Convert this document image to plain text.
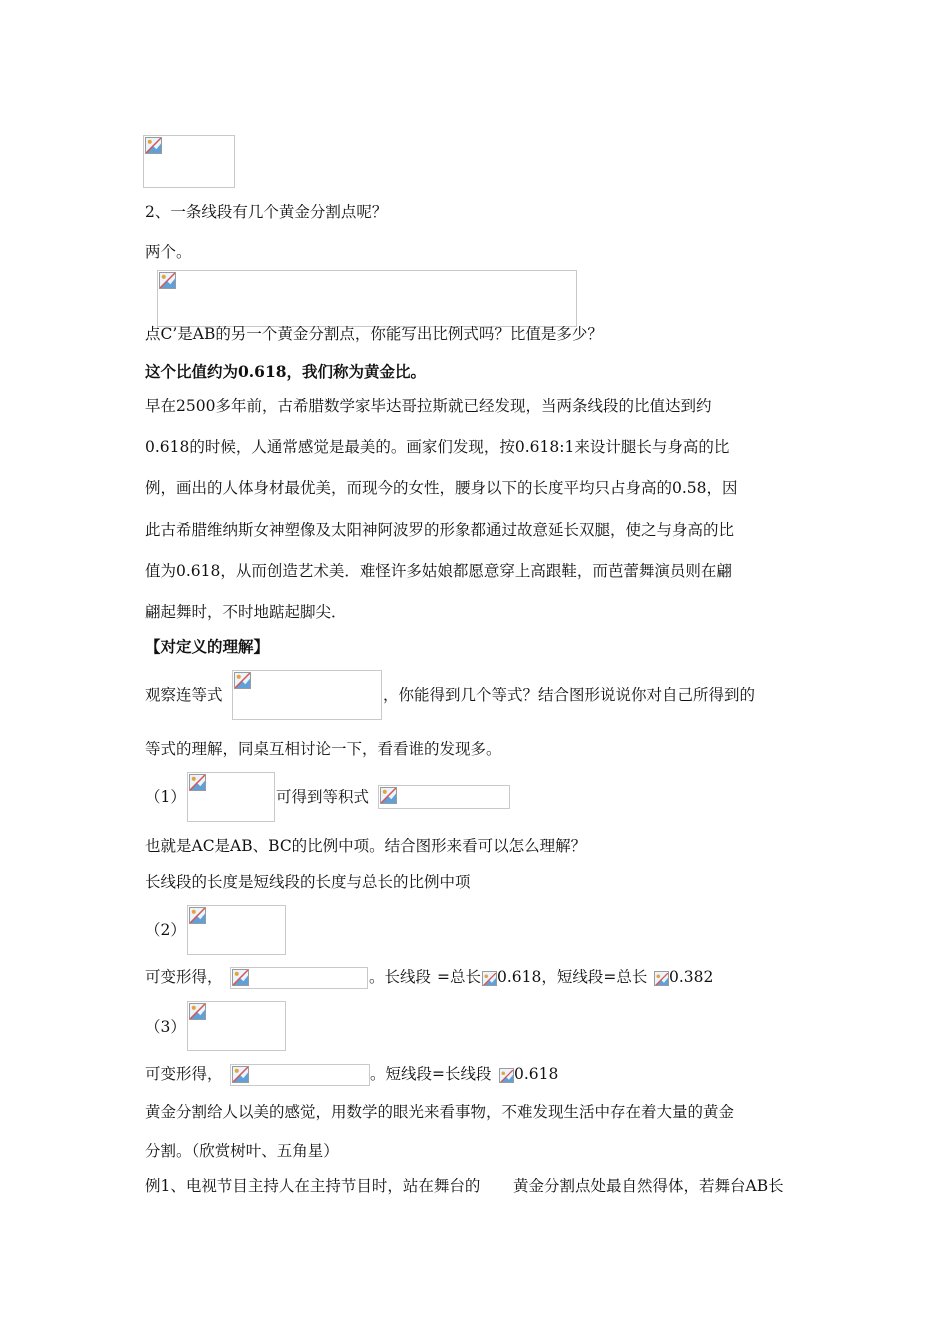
2、一条线段有几个黄金分割点呢？
两个。
点C’是AB的另一个黄金分割点，你能写出比例式吗？比值是多少？
这个比值约为0.618，我们称为黄金比。
早在2500多年前，古希腊数学家毕达哥拉斯就已经发现，当两条线段的比值达到约
0.618的时候，人通常感觉是最美的。画家们发现，按0.618:1来设计腿长与身高的比
例，画出的人体身材最优美，而现今的女性，腰身以下的长度平均只占身高的0.58，因
此古希腊维纳斯女神塑像及太阳神阿波罗的形象都通过故意延长双腿，使之与身高的比
值为0.618，从而创造艺术美．难怪许多姑娘都愿意穿上高跟鞋，而芭蕾舞演员则在翩
翩起舞时，不时地踮起脚尖．
【对定义的理解】
观察连等式	，你能得到几个等式？结合图形说说你对自己所得到的
等式的理解，同桌互相讨论一下，看看谁的发现多。
（1）	可得到等积式
也就是AC是AB、BC的比例中项。结合图形来看可以怎么理解？
长线段的长度是短线段的长度与总长的比例中项
（2）
可变形得，	。长线段 =总长 0.618，短线段=总长 0.382
（3）
可变形得，	。短线段=长线段 0.618
黄金分割给人以美的感觉，用数学的眼光来看事物，不难发现生活中存在着大量的黄金
分割。（欣赏树叶、五角星）
例1、电视节目主持人在主持节目时，站在舞台的 黄金分割点处最自然得体，若舞台AB长
